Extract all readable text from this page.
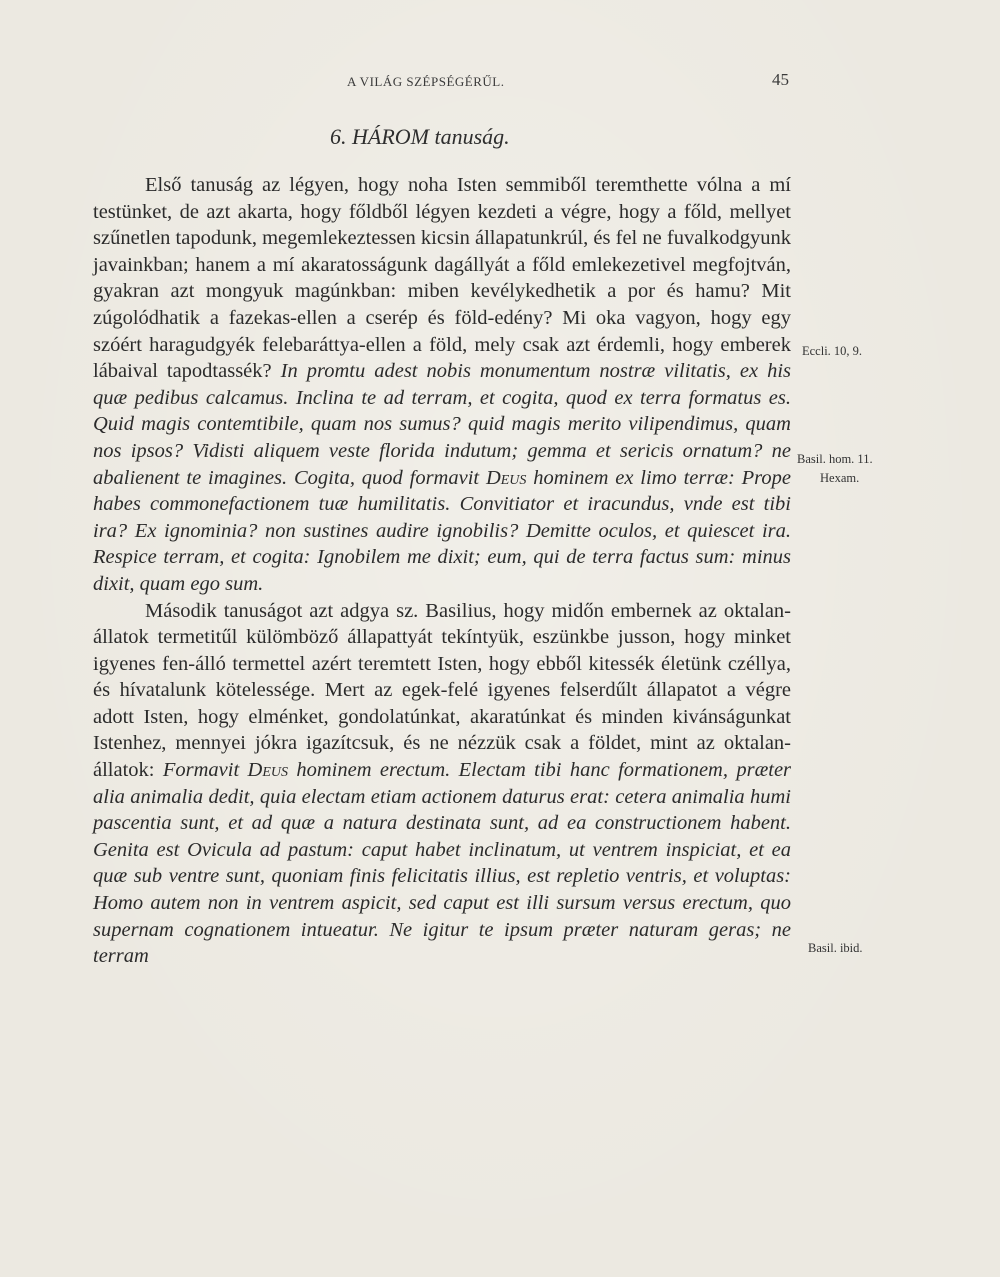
A VILÁG SZÉPSÉGÉRŰL.	45
6. HÁROM tanuság.

Első tanuság az légyen, hogy noha Isten semmiből teremthette vólna a mí testünket, de azt akarta, hogy főldből légyen kezdeti a végre, hogy a főld, mellyet szűnetlen tapodunk, megemlekeztessen kicsin állapatunkrúl, és fel ne fuvalkodgyunk javainkban; hanem a mí akaratosságunk dagállyát a főld emlekezetivel megfojtván, gyakran azt mongyuk magúnkban: miben kevélykedhetik a por és hamu? Mit zúgolódhatik a fazekas-ellen a cserép és föld-edény? Mi oka vagyon, hogy egy szóért haragudgyék felebaráttya-ellen a föld, mely csak azt érdemli, hogy emberek lábaival tapodtassék? In promtu adest nobis monumentum nostræ vilitatis, ex his quæ pedibus calcamus. Inclina te ad terram, et cogita, quod ex terra formatus es. Quid magis contemtibile, quam nos sumus? quid magis merito vilipendimus, quam nos ipsos? Vidisti aliquem veste florida indutum; gemma et sericis ornatum? ne abalienent te imagines. Cogita, quod formavit Deus hominem ex limo terræ: Prope habes commonefactionem tuæ humilitatis. Convitiator et iracundus, vnde est tibi ira? Ex ignominia? non sustines audire ignobilis? Demitte oculos, et quiescet ira. Respice terram, et cogita: Ignobilem me dixit; eum, qui de terra factus sum: minus dixit, quam ego sum.

Második tanuságot azt adgya sz. Basilius, hogy midőn embernek az oktalan-állatok termetitűl külömböző állapattyát tekíntyük, eszünkbe jusson, hogy minket igyenes fen-álló termettel azért teremtett Isten, hogy ebből kitessék életünk czéllya, és hívatalunk kötelessége. Mert az egek-felé igyenes felserdűlt állapatot a végre adott Isten, hogy elménket, gondolatúnkat, akaratúnkat és minden kivánságunkat Istenhez, mennyei jókra igazítcsuk, és ne nézzük csak a földet, mint az oktalan-állatok: Formavit Deus hominem erectum. Electam tibi hanc formationem, præter alia animalia dedit, quia electam etiam actionem daturus erat: cetera animalia humi pascentia sunt, et ad quæ a natura destinata sunt, ad ea constructionem habent. Genita est Ovicula ad pastum: caput habet inclinatum, ut ventrem inspiciat, et ea quæ sub ventre sunt, quoniam finis felicitatis illius, est repletio ventris, et voluptas: Homo autem non in ventrem aspicit, sed caput est illi sursum versus erectum, quo supernam cognationem intueatur. Ne igitur te ipsum præter naturam geras; ne terram

Eccli. 10, 9.
Basil. hom. 11.
Hexam.
Basil. ibid.
